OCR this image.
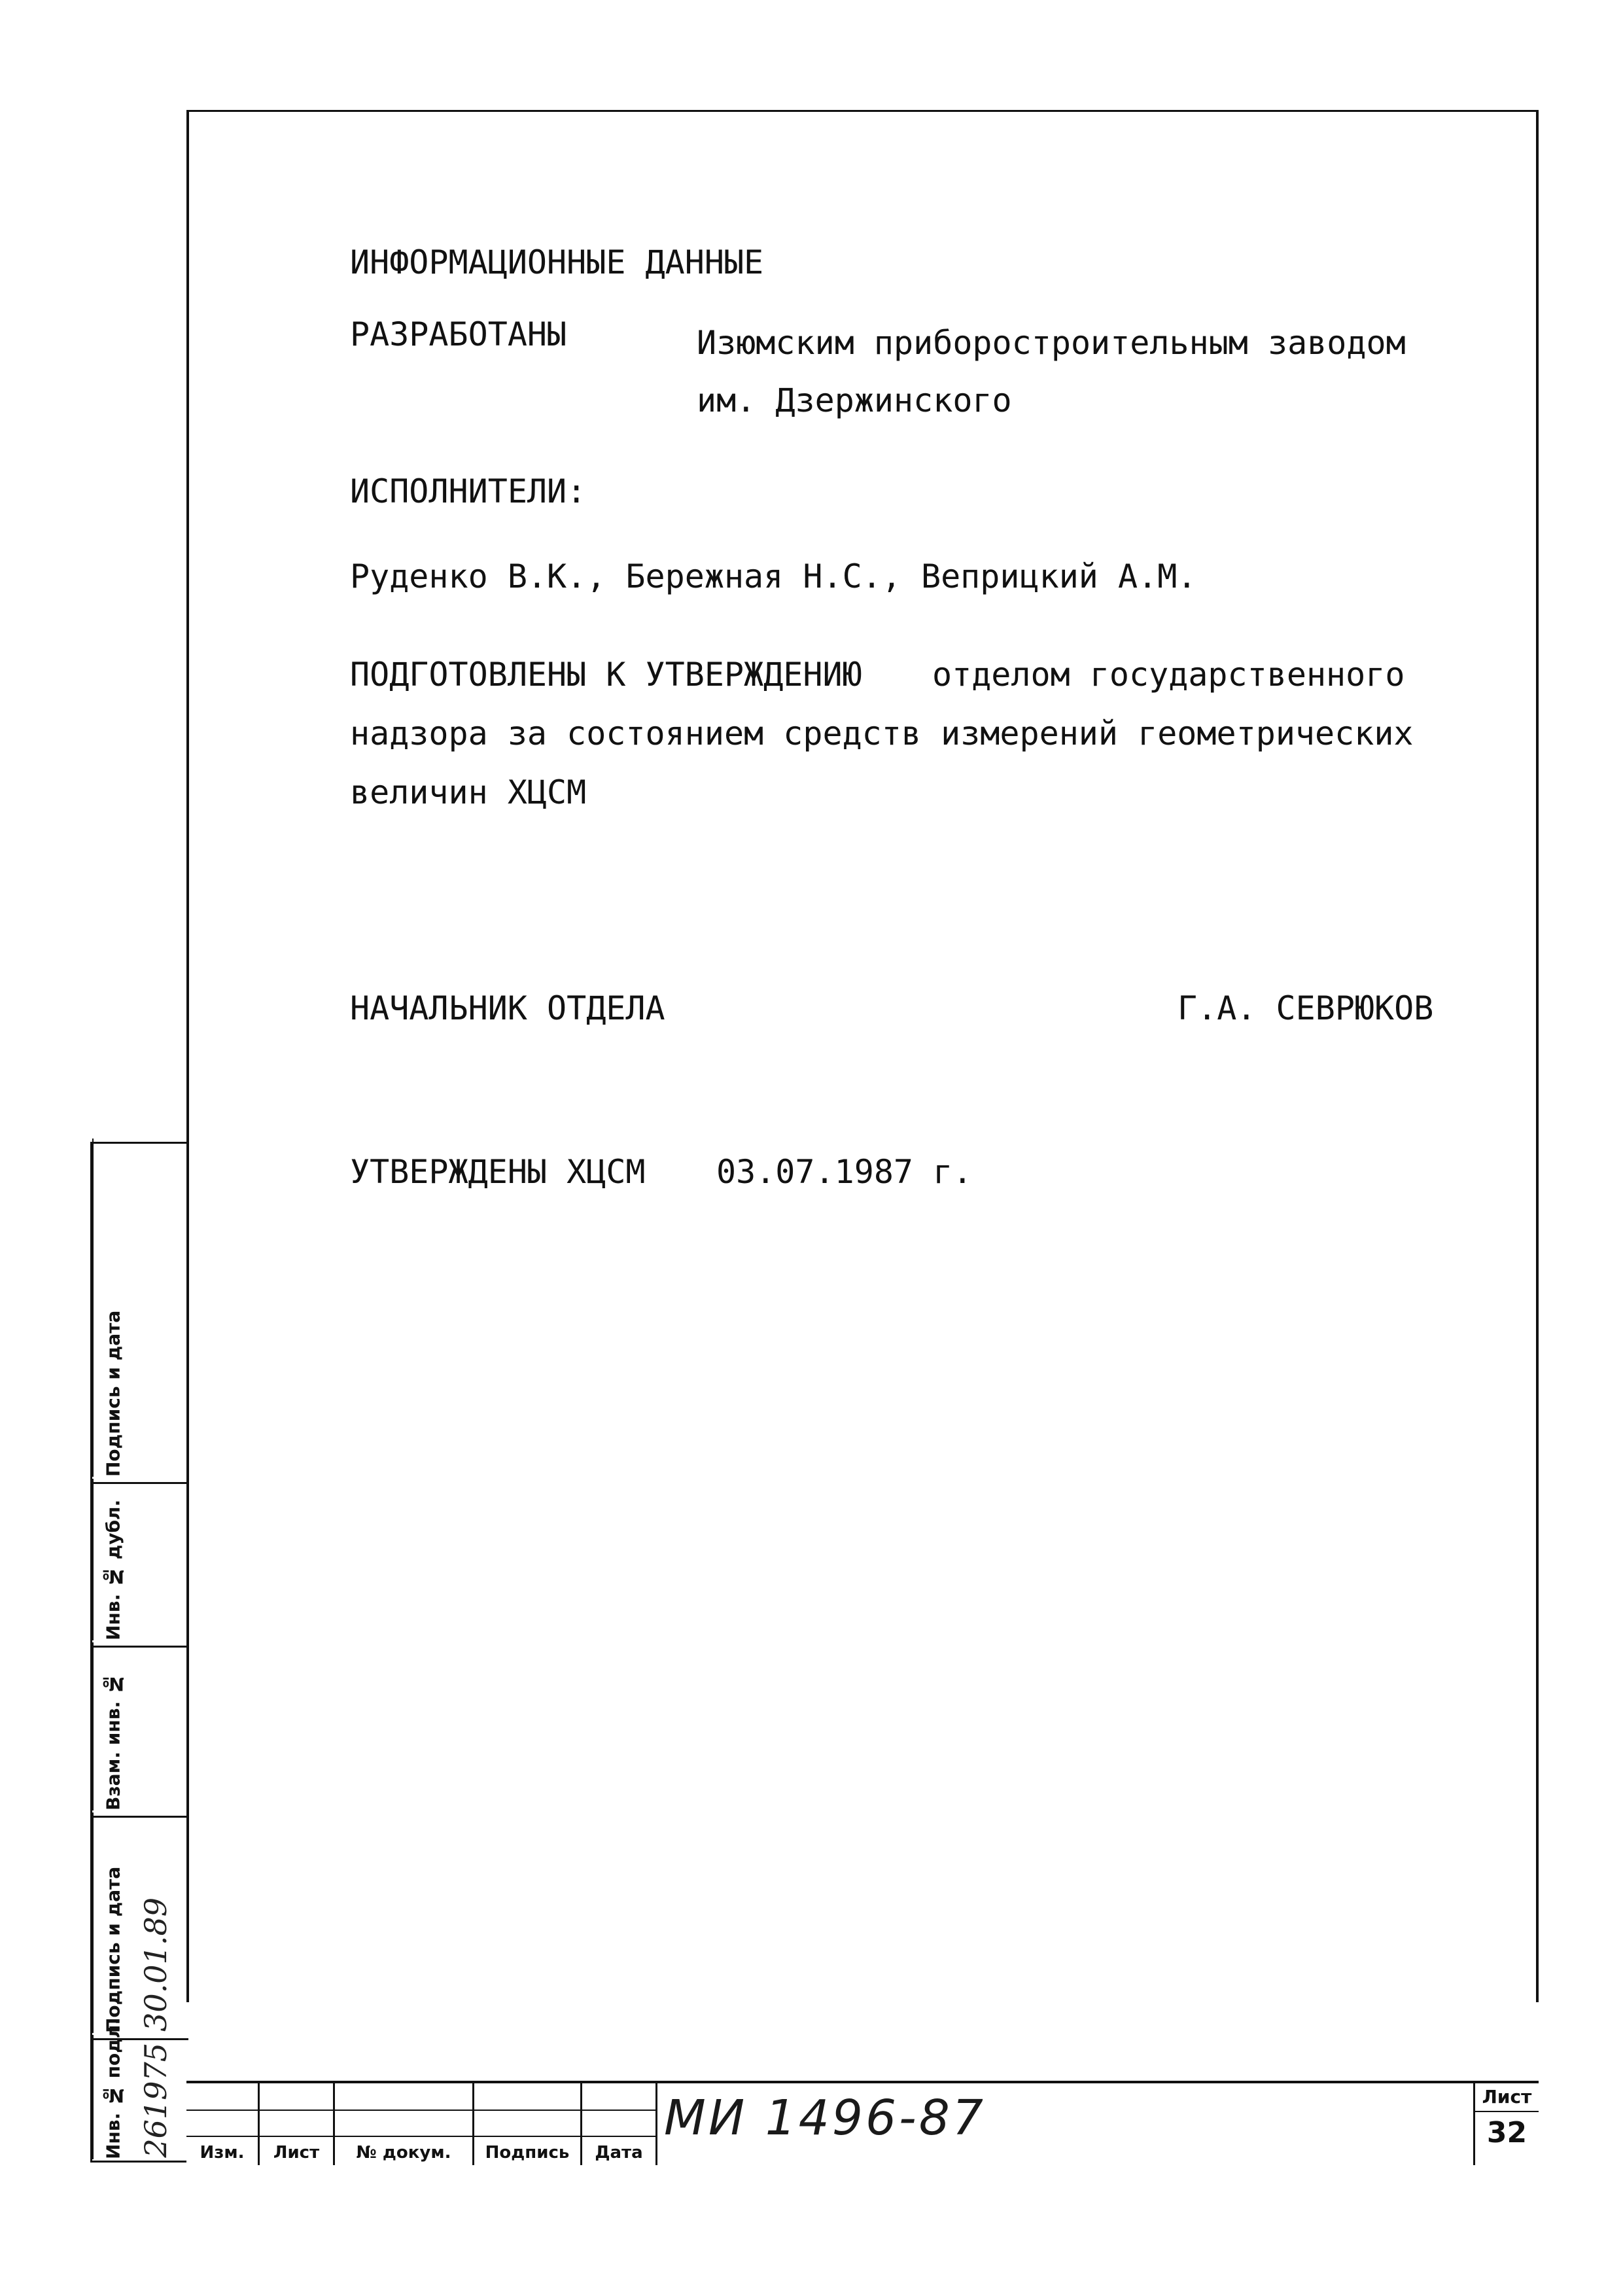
ИНФОРМАЦИОННЫЕ ДАННЫЕ
РАЗРАБОТАНЫ	Изюмским приборостроительным заводом
им. Дзержинского
ИСПОЛНИТЕЛИ:
Руденко В.К., Бережная Н.С., Веприцкий А.М.
ПОДГОТОВЛЕНЫ К УТВЕРЖДЕНИЮ отделом государственного
надзора за состоянием средств измерений геометрических
величин ХЦСМ
НАЧАЛЬНИК ОТДЕЛА	Г.А. СЕВРЮКОВ
УТВЕРЖДЕНЫ ХЦСМ 03.07.1987 г.
Подпись и дата
Инв. № дубл.
Взам. инв. №
Подпись и дата 30.01.89
Инв. № подл. 261975	Изм.	Лист	№ докум.	Подпись	Дата
МИ 1496-87	Лист
32
